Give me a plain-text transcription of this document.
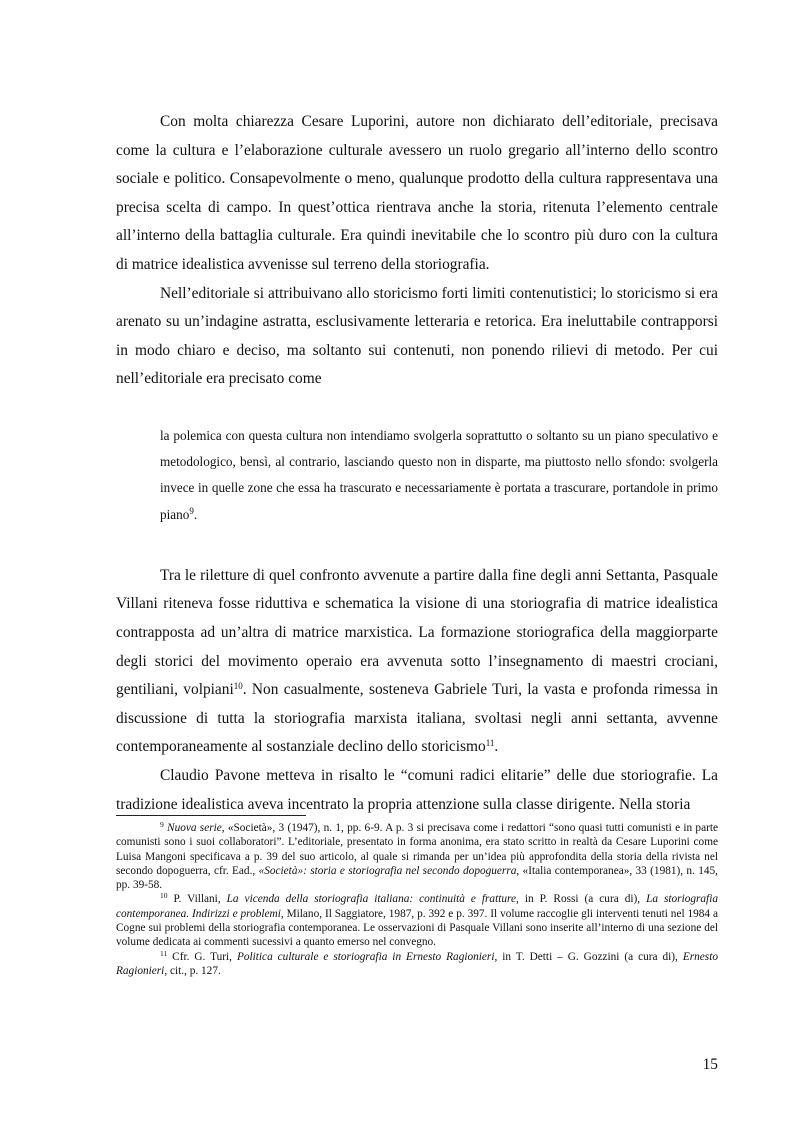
Con molta chiarezza Cesare Luporini, autore non dichiarato dell’editoriale, precisava come la cultura e l’elaborazione culturale avessero un ruolo gregario all’interno dello scontro sociale e politico. Consapevolmente o meno, qualunque prodotto della cultura rappresentava una precisa scelta di campo. In quest’ottica rientrava anche la storia, ritenuta l’elemento centrale all’interno della battaglia culturale. Era quindi inevitabile che lo scontro più duro con la cultura di matrice idealistica avvenisse sul terreno della storiografia.

Nell’editoriale si attribuivano allo storicismo forti limiti contenutistici; lo storicismo si era arenato su un’indagine astratta, esclusivamente letteraria e retorica. Era ineluttabile contrapporsi in modo chiaro e deciso, ma soltanto sui contenuti, non ponendo rilievi di metodo. Per cui nell’editoriale era precisato come

la polemica con questa cultura non intendiamo svolgerla soprattutto o soltanto su un piano speculativo e metodologico, bensì, al contrario, lasciando questo non in disparte, ma piuttosto nello sfondo: svolgerla invece in quelle zone che essa ha trascurato e necessariamente è portata a trascurare, portandole in primo piano$^9$.

Tra le riletture di quel confronto avvenute a partire dalla fine degli anni Settanta, Pasquale Villani riteneva fosse riduttiva e schematica la visione di una storiografia di matrice idealistica contrapposta ad un’altra di matrice marxistica. La formazione storiografica della maggiorparte degli storici del movimento operaio era avvenuta sotto l’insegnamento di maestri crociani, gentiliani, volpiani$^{10}$. Non casualmente, sosteneva Gabriele Turi, la vasta e profonda rimessa in discussione di tutta la storiografia marxista italiana, svoltasi negli anni settanta, avvenne contemporaneamente al sostanziale declino dello storicismo$^{11}$.

Claudio Pavone metteva in risalto le “comuni radici elitarie” delle due storiografie. La tradizione idealistica aveva incentrato la propria attenzione sulla classe dirigente. Nella storia

$^9$ Nuova serie, «Società», 3 (1947), n. 1, pp. 6-9. A p. 3 si precisava come i redattori “sono quasi tutti comunisti e in parte comunisti sono i suoi collaboratori”. L’editoriale, presentato in forma anonima, era stato scritto in realtà da Cesare Luporini come Luisa Mangoni specificava a p. 39 del suo articolo, al quale si rimanda per un’idea più approfondita della storia della rivista nel secondo dopoguerra, cfr. Ead., «Società»: storia e storiografia nel secondo dopoguerra, «Italia contemporanea», 33 (1981), n. 145, pp. 39-58.

$^{10}$ P. Villani, La vicenda della storiografia italiana: continuità e fratture, in P. Rossi (a cura di), La storiografia contemporanea. Indirizzi e problemi, Milano, Il Saggiatore, 1987, p. 392 e p. 397. Il volume raccoglie gli interventi tenuti nel 1984 a Cogne sui problemi della storiografia contemporanea. Le osservazioni di Pasquale Villani sono inserite all’interno di una sezione del volume dedicata ai commenti sucessivi a quanto emerso nel convegno.

$^{11}$ Cfr. G. Turi, Politica culturale e storiografia in Ernesto Ragionieri, in T. Detti – G. Gozzini (a cura di), Ernesto Ragionieri, cit., p. 127.

15
